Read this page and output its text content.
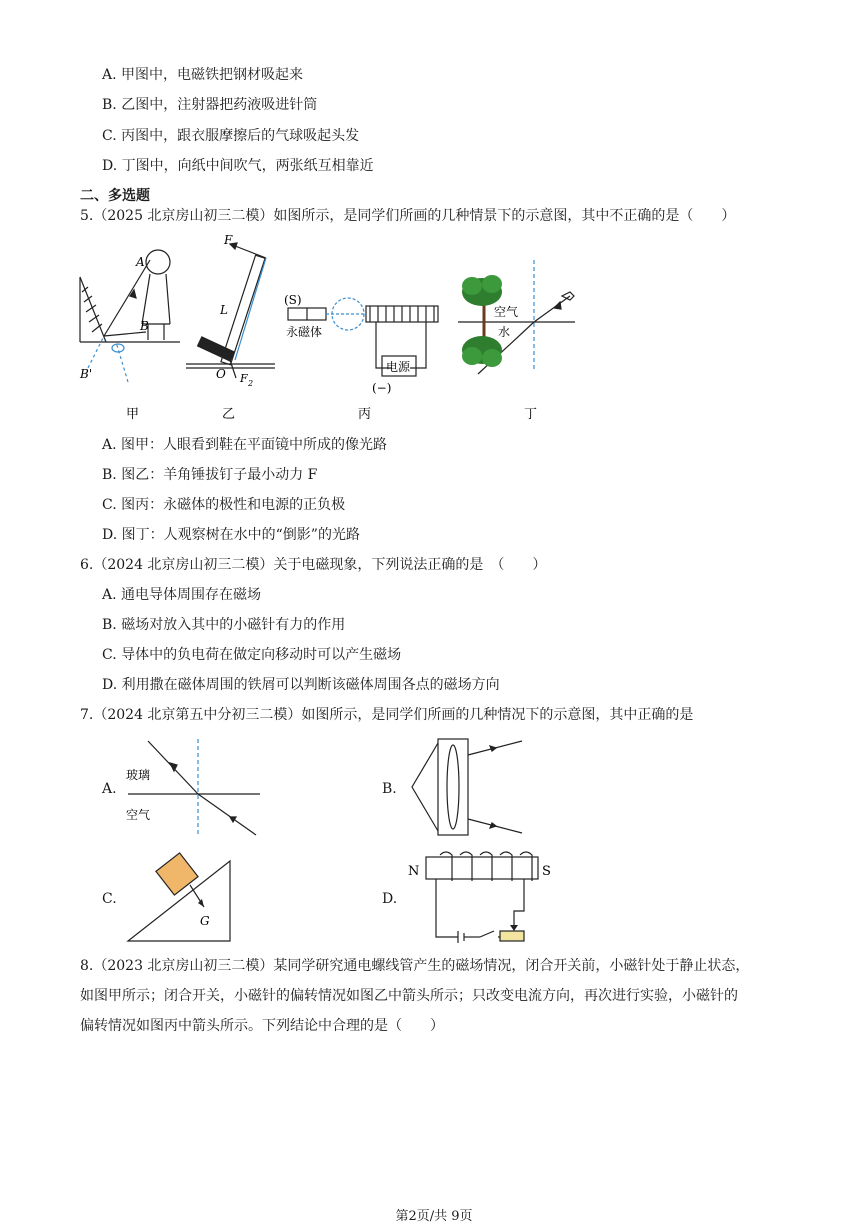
A. 甲图中，电磁铁把钢材吸起来
B. 乙图中，注射器把药液吸进针筒
C. 丙图中，跟衣服摩擦后的气球吸起头发
D. 丁图中，向纸中间吹气，两张纸互相靠近
二、多选题
5.（2025 北京房山初三二模）如图所示，是同学们所画的几种情景下的示意图，其中不正确的是（　　）
A
B
B'
F
L
O F 2
(S)
永磁体
电源
(−)
空气
水
甲	乙	丙	丁
A. 图甲：人眼看到鞋在平面镜中所成的像光路
B. 图乙：羊角锤拔钉子最小动力 F
C. 图丙：永磁体的极性和电源的正负极
D. 图丁：人观察树在水中的“倒影”的光路
6.（2024 北京房山初三二模）关于电磁现象，下列说法正确的是　（　　）
A. 通电导体周围存在磁场
B. 磁场对放入其中的小磁针有力的作用
C. 导体中的负电荷在做定向移动时可以产生磁场
D. 利用撒在磁体周围的铁屑可以判断该磁体周围各点的磁场方向
7.（2024 北京第五中分初三二模）如图所示，是同学们所画的几种情况下的示意图，其中正确的是
A.	B.
C.	D.
玻璃
空气
G
N	S
8.（2023 北京房山初三二模）某同学研究通电螺线管产生的磁场情况，闭合开关前，小磁针处于静止状态，
如图甲所示；闭合开关，小磁针的偏转情况如图乙中箭头所示；只改变电流方向，再次进行实验，小磁针的
偏转情况如图丙中箭头所示。下列结论中合理的是（　　）
第2页/共 9页
